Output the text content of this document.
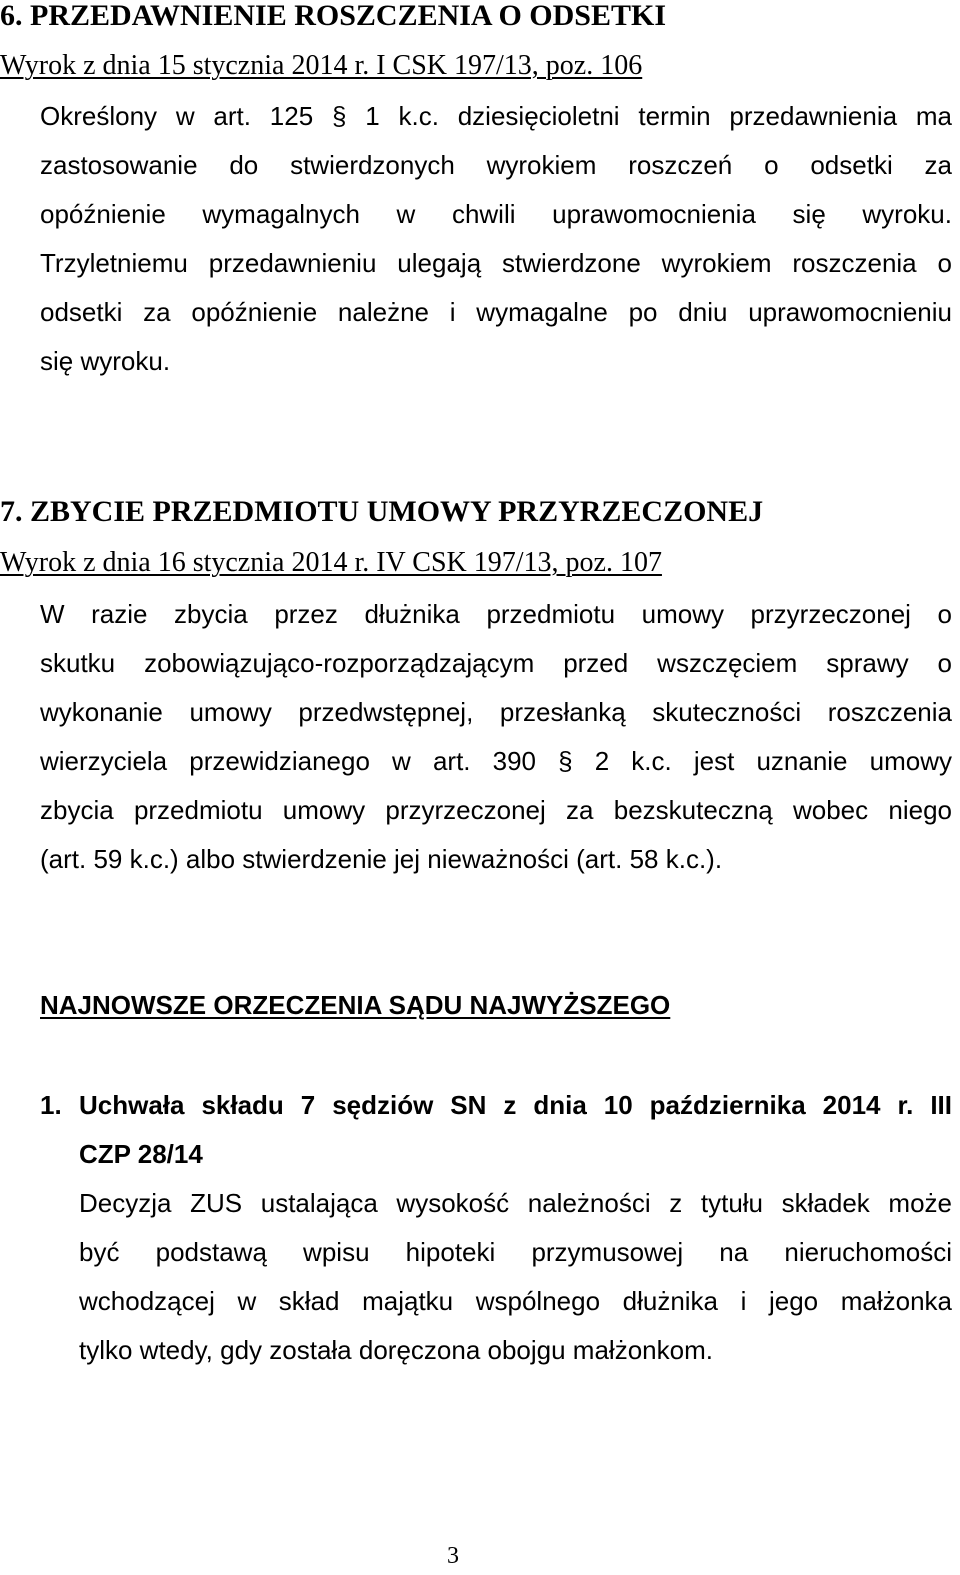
6. PRZEDAWNIENIE ROSZCZENIA O ODSETKI
Wyrok z dnia 15 stycznia 2014 r. I CSK 197/13, poz. 106
Określony w art. 125 § 1 k.c. dziesięcioletni termin przedawnienia ma
zastosowanie do stwierdzonych wyrokiem roszczeń o odsetki za
opóźnienie wymagalnych w chwili uprawomocnienia się wyroku.
Trzyletniemu przedawnieniu ulegają stwierdzone wyrokiem roszczenia o
odsetki za opóźnienie należne i wymagalne po dniu uprawomocnieniu
się wyroku.
7. ZBYCIE PRZEDMIOTU UMOWY PRZYRZECZONEJ
Wyrok z dnia 16 stycznia 2014 r. IV CSK 197/13, poz. 107
W razie zbycia przez dłużnika przedmiotu umowy przyrzeczonej o
skutku zobowiązująco-rozporządzającym przed wszczęciem sprawy o
wykonanie umowy przedwstępnej, przesłanką skuteczności roszczenia
wierzyciela przewidzianego w art. 390 § 2 k.c. jest uznanie umowy
zbycia przedmiotu umowy przyrzeczonej za bezskuteczną wobec niego
(art. 59 k.c.) albo stwierdzenie jej nieważności (art. 58 k.c.).
NAJNOWSZE ORZECZENIA SĄDU NAJWYŻSZEGO
1. Uchwała składu 7 sędziów SN z dnia 10 października 2014 r. III
CZP 28/14
Decyzja ZUS ustalająca wysokość należności z tytułu składek może
być podstawą wpisu hipoteki przymusowej na nieruchomości
wchodzącej w skład majątku wspólnego dłużnika i jego małżonka
tylko wtedy, gdy została doręczona obojgu małżonkom.
3
